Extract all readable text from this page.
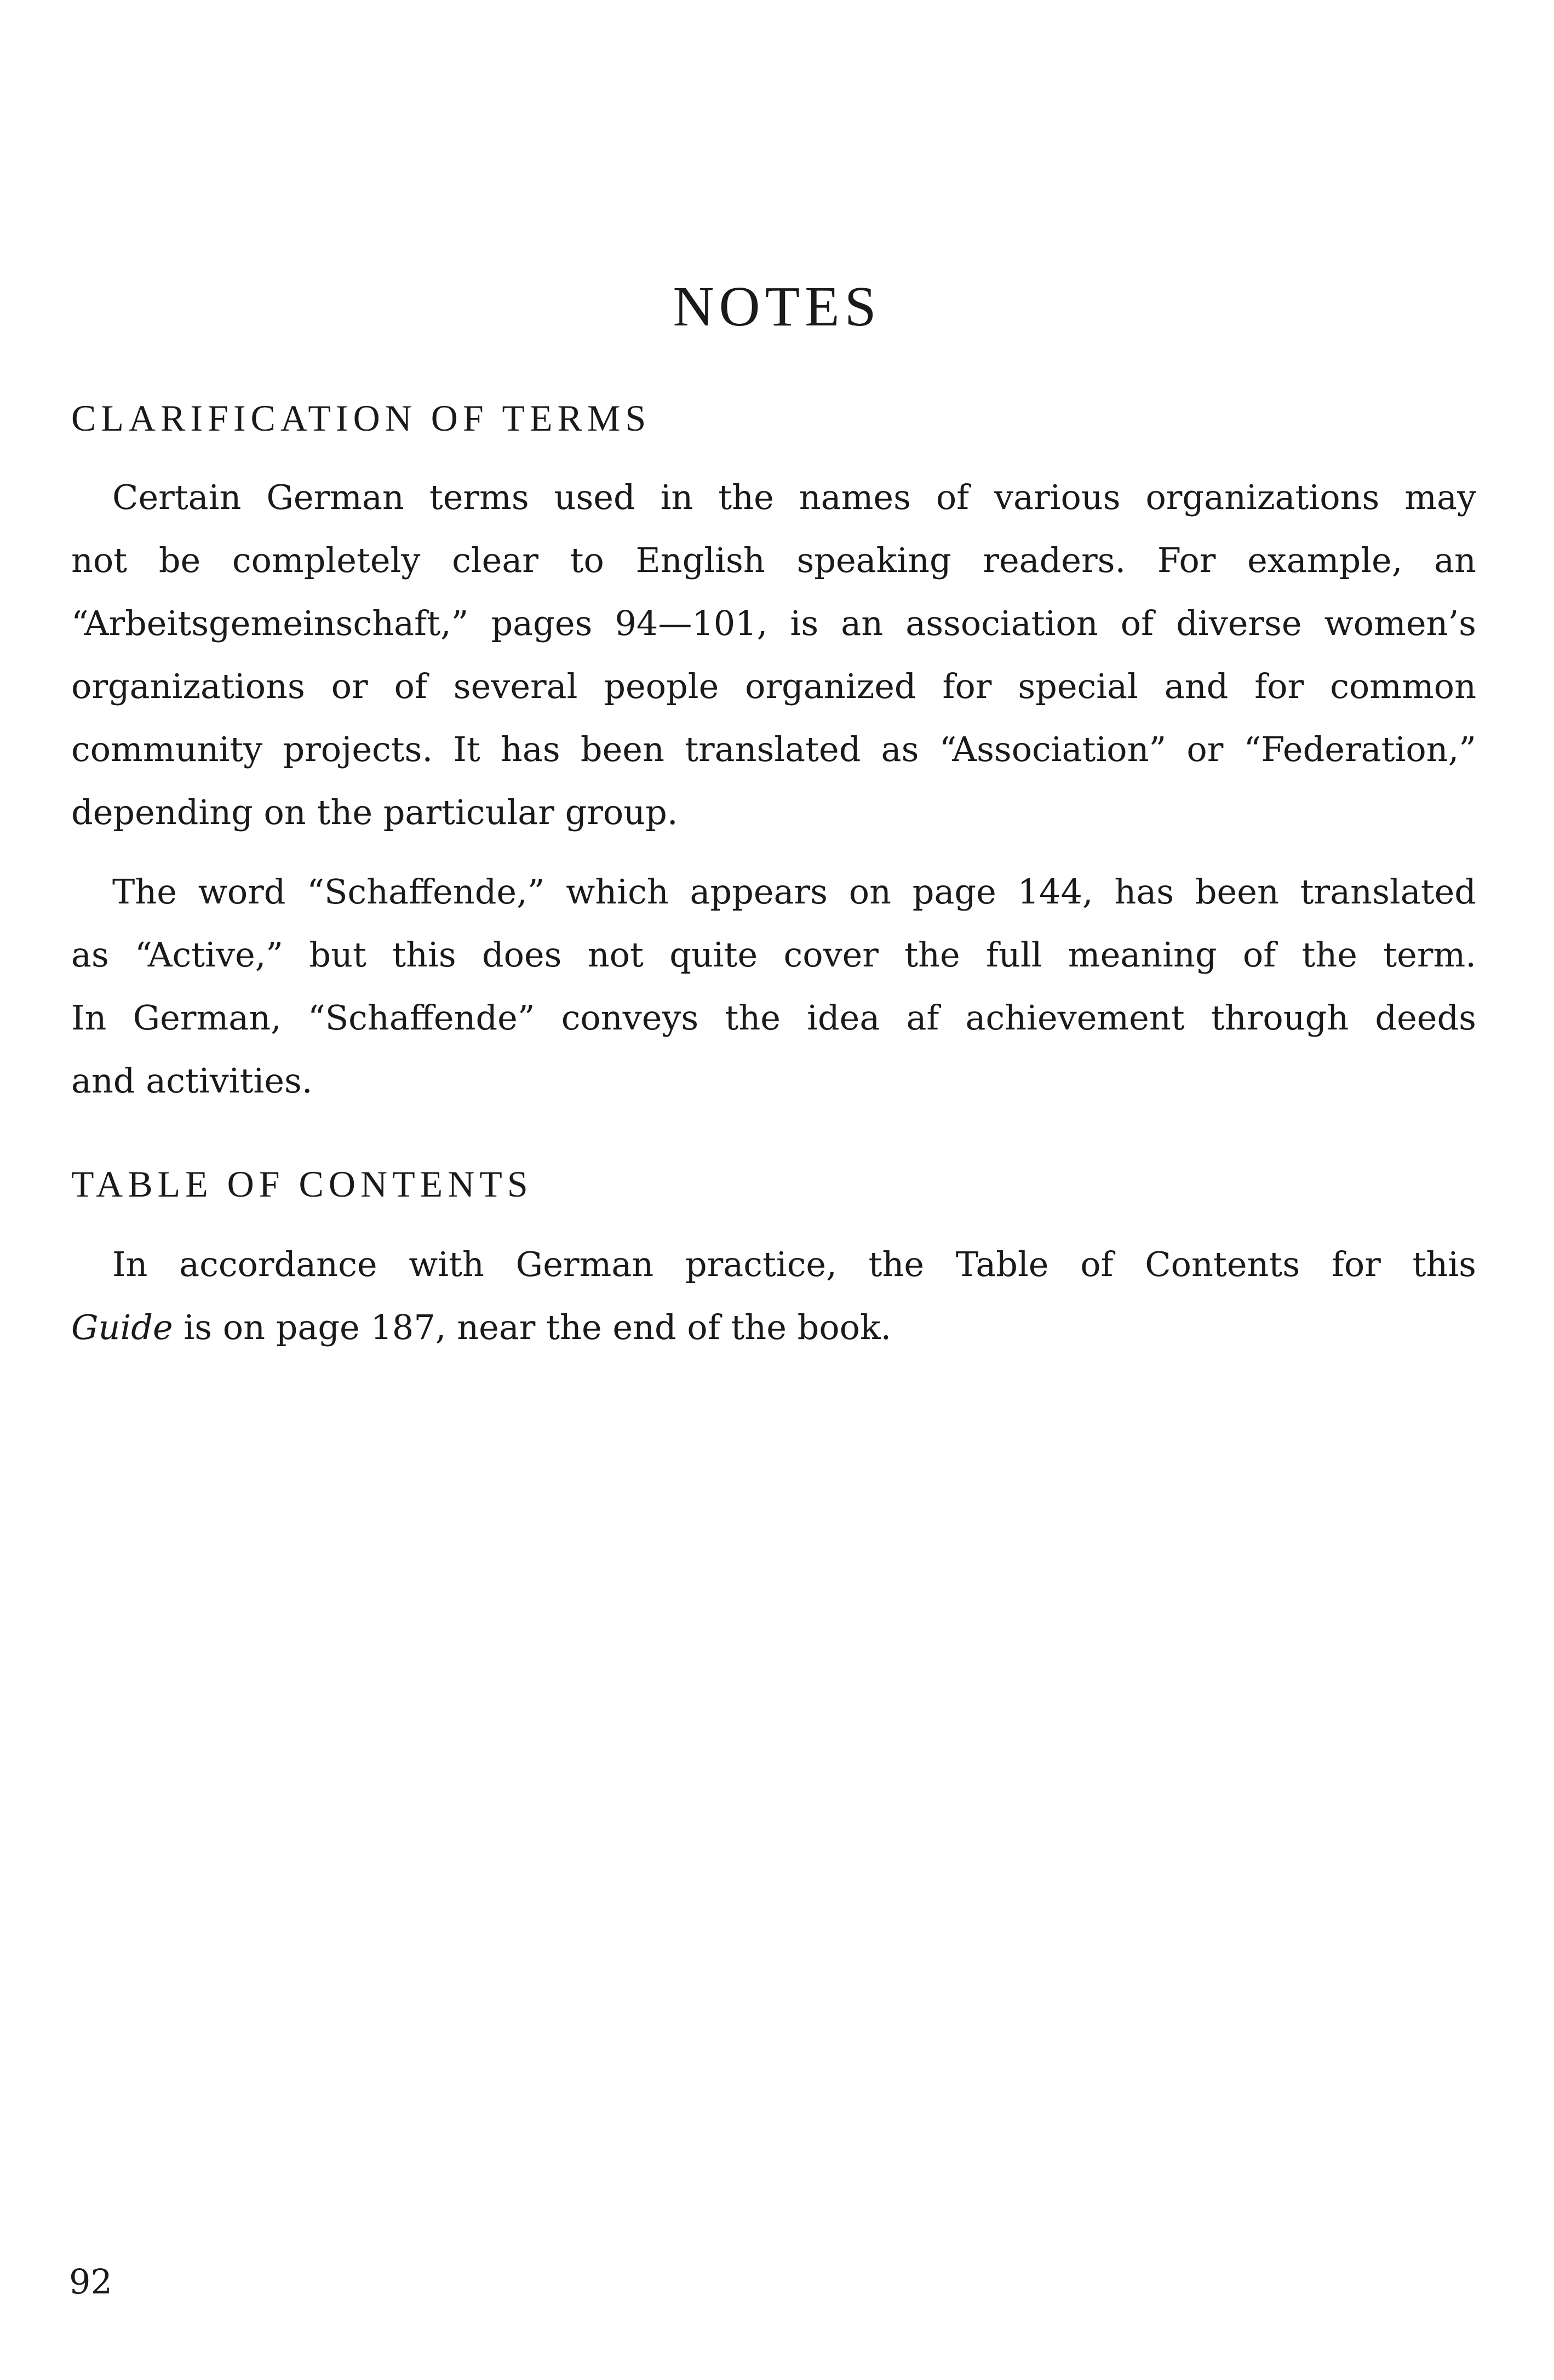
NOTES
CLARIFICATION OF TERMS
Certain German terms used in the names of various organizations may
not be completely clear to English speaking readers. For example, an
“Arbeitsgemeinschaft,” pages 94—101, is an association of diverse women’s
organizations or of several people organized for special and for common
community projects. It has been translated as “Association” or “Federation,”
depending on the particular group.
The word “Schaffende,” which appears on page 144, has been translated
as “Active,” but this does not quite cover the full meaning of the term.
In German, “Schaffende” conveys the idea af achievement through deeds
and activities.
TABLE OF CONTENTS
In accordance with German practice, the Table of Contents for this
Guide is on page 187, near the end of the book.
92
